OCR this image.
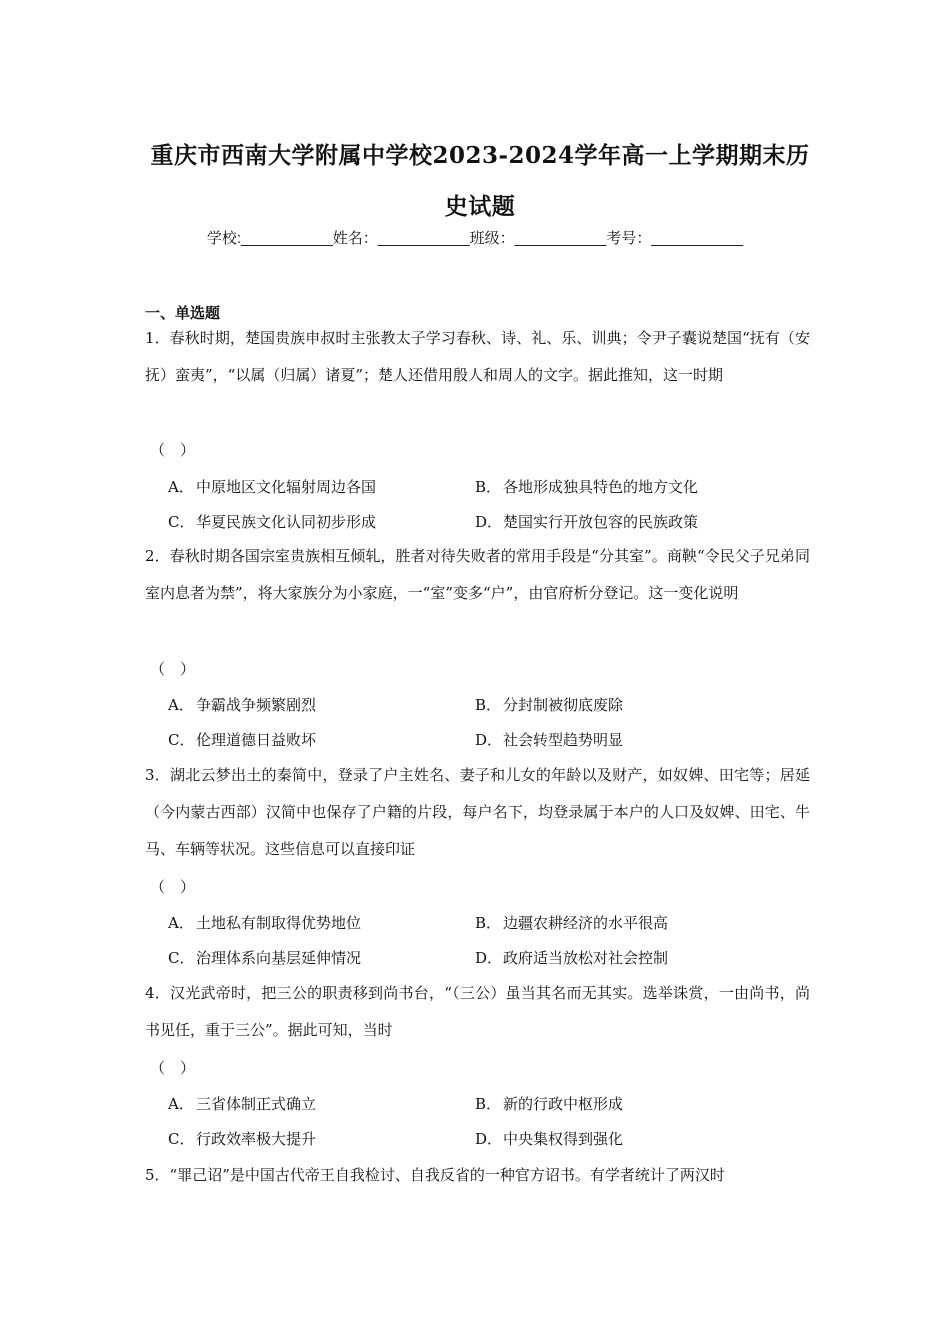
重庆市西南大学附属中学校2023-2024学年高一上学期期末历
史试题
学校:___________姓名：___________班级：___________考号：___________
一、单选题
1．春秋时期，楚国贵族申叔时主张教太子学习春秋、诗、礼、乐、训典；令尹子囊说楚国“抚有（安抚）蛮夷”，“以属（归属）诸夏”；楚人还借用殷人和周人的文字。据此推知，这一时期
（　）
A． 中原地区文化辐射周边各国	B． 各地形成独具特色的地方文化
C． 华夏民族文化认同初步形成	D．楚国实行开放包容的民族政策
2．春秋时期各国宗室贵族相互倾轧，胜者对待失败者的常用手段是“分其室”。商鞅“令民父子兄弟同室内息者为禁”，将大家族分为小家庭，一“室”变多“户”，由官府析分登记。这一变化说明
（　）
A． 争霸战争频繁剧烈	B． 分封制被彻底废除
C． 伦理道德日益败坏	D．社会转型趋势明显
3．湖北云梦出土的秦简中，登录了户主姓名、妻子和儿女的年龄以及财产，如奴婢、田宅等；居延（今内蒙古西部）汉简中也保存了户籍的片段，每户名下，均登录属于本户的人口及奴婢、田宅、牛马、车辆等状况。这些信息可以直接印证
（　）
A． 土地私有制取得优势地位	B． 边疆农耕经济的水平很高
C． 治理体系向基层延伸情况	D．政府适当放松对社会控制
4．汉光武帝时，把三公的职责移到尚书台，“（三公）虽当其名而无其实。选举诛赏，一由尚书，尚书见任，重于三公”。据此可知，当时
（　）
A． 三省体制正式确立	B． 新的行政中枢形成
C． 行政效率极大提升	D．中央集权得到强化
5．“罪己诏”是中国古代帝王自我检讨、自我反省的一种官方诏书。有学者统计了两汉时
